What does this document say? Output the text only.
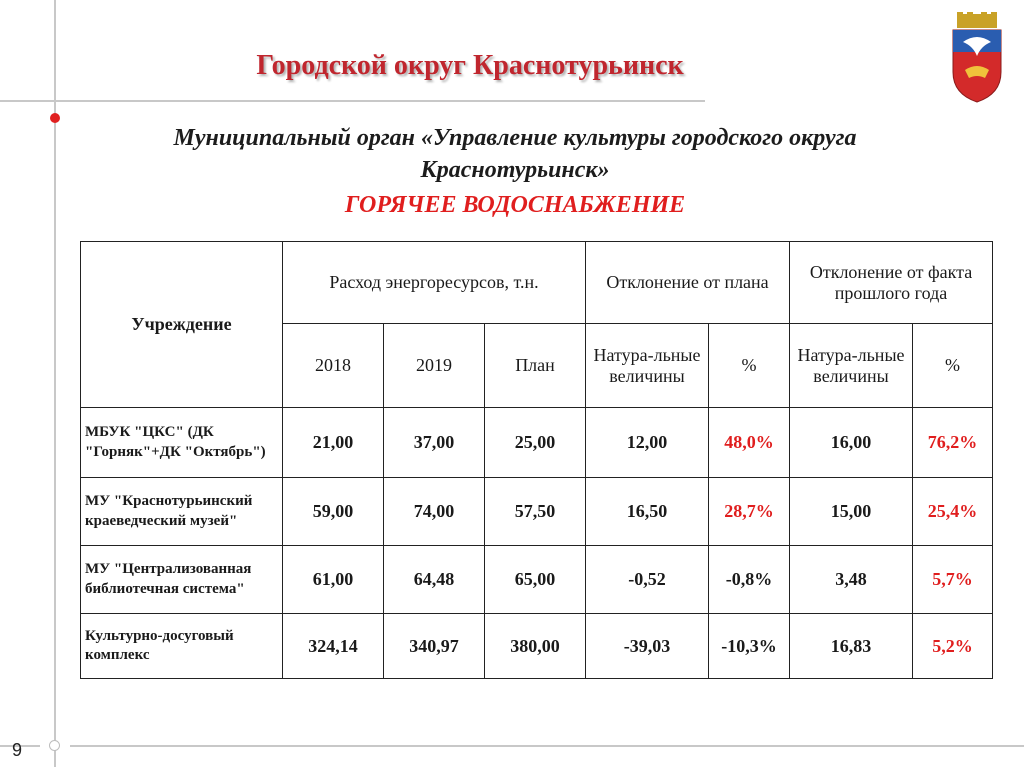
Городской округ Краснотурьинск
Муниципальный орган «Управление культуры городского округа
Краснотурьинск»
ГОРЯЧЕЕ ВОДОСНАБЖЕНИЕ
Учреждение	Расход энергоресурсов, т.н.			Отклонение от плана		Отклонение от факта прошлого года	
	2018	2019	План	Натура-льные величины	%	Натура-льные величины	%
МБУК "ЦКС" (ДК "Горняк"+ДК "Октябрь")	21,00	37,00	25,00	12,00	48,0%	16,00	76,2%
МУ "Краснотурьинский краеведческий музей"	59,00	74,00	57,50	16,50	28,7%	15,00	25,4%
МУ "Централизованная библиотечная система"	61,00	64,48	65,00	-0,52	-0,8%	3,48	5,7%
Культурно-досуговый комплекс	324,14	340,97	380,00	-39,03	-10,3%	16,83	5,2%
9
